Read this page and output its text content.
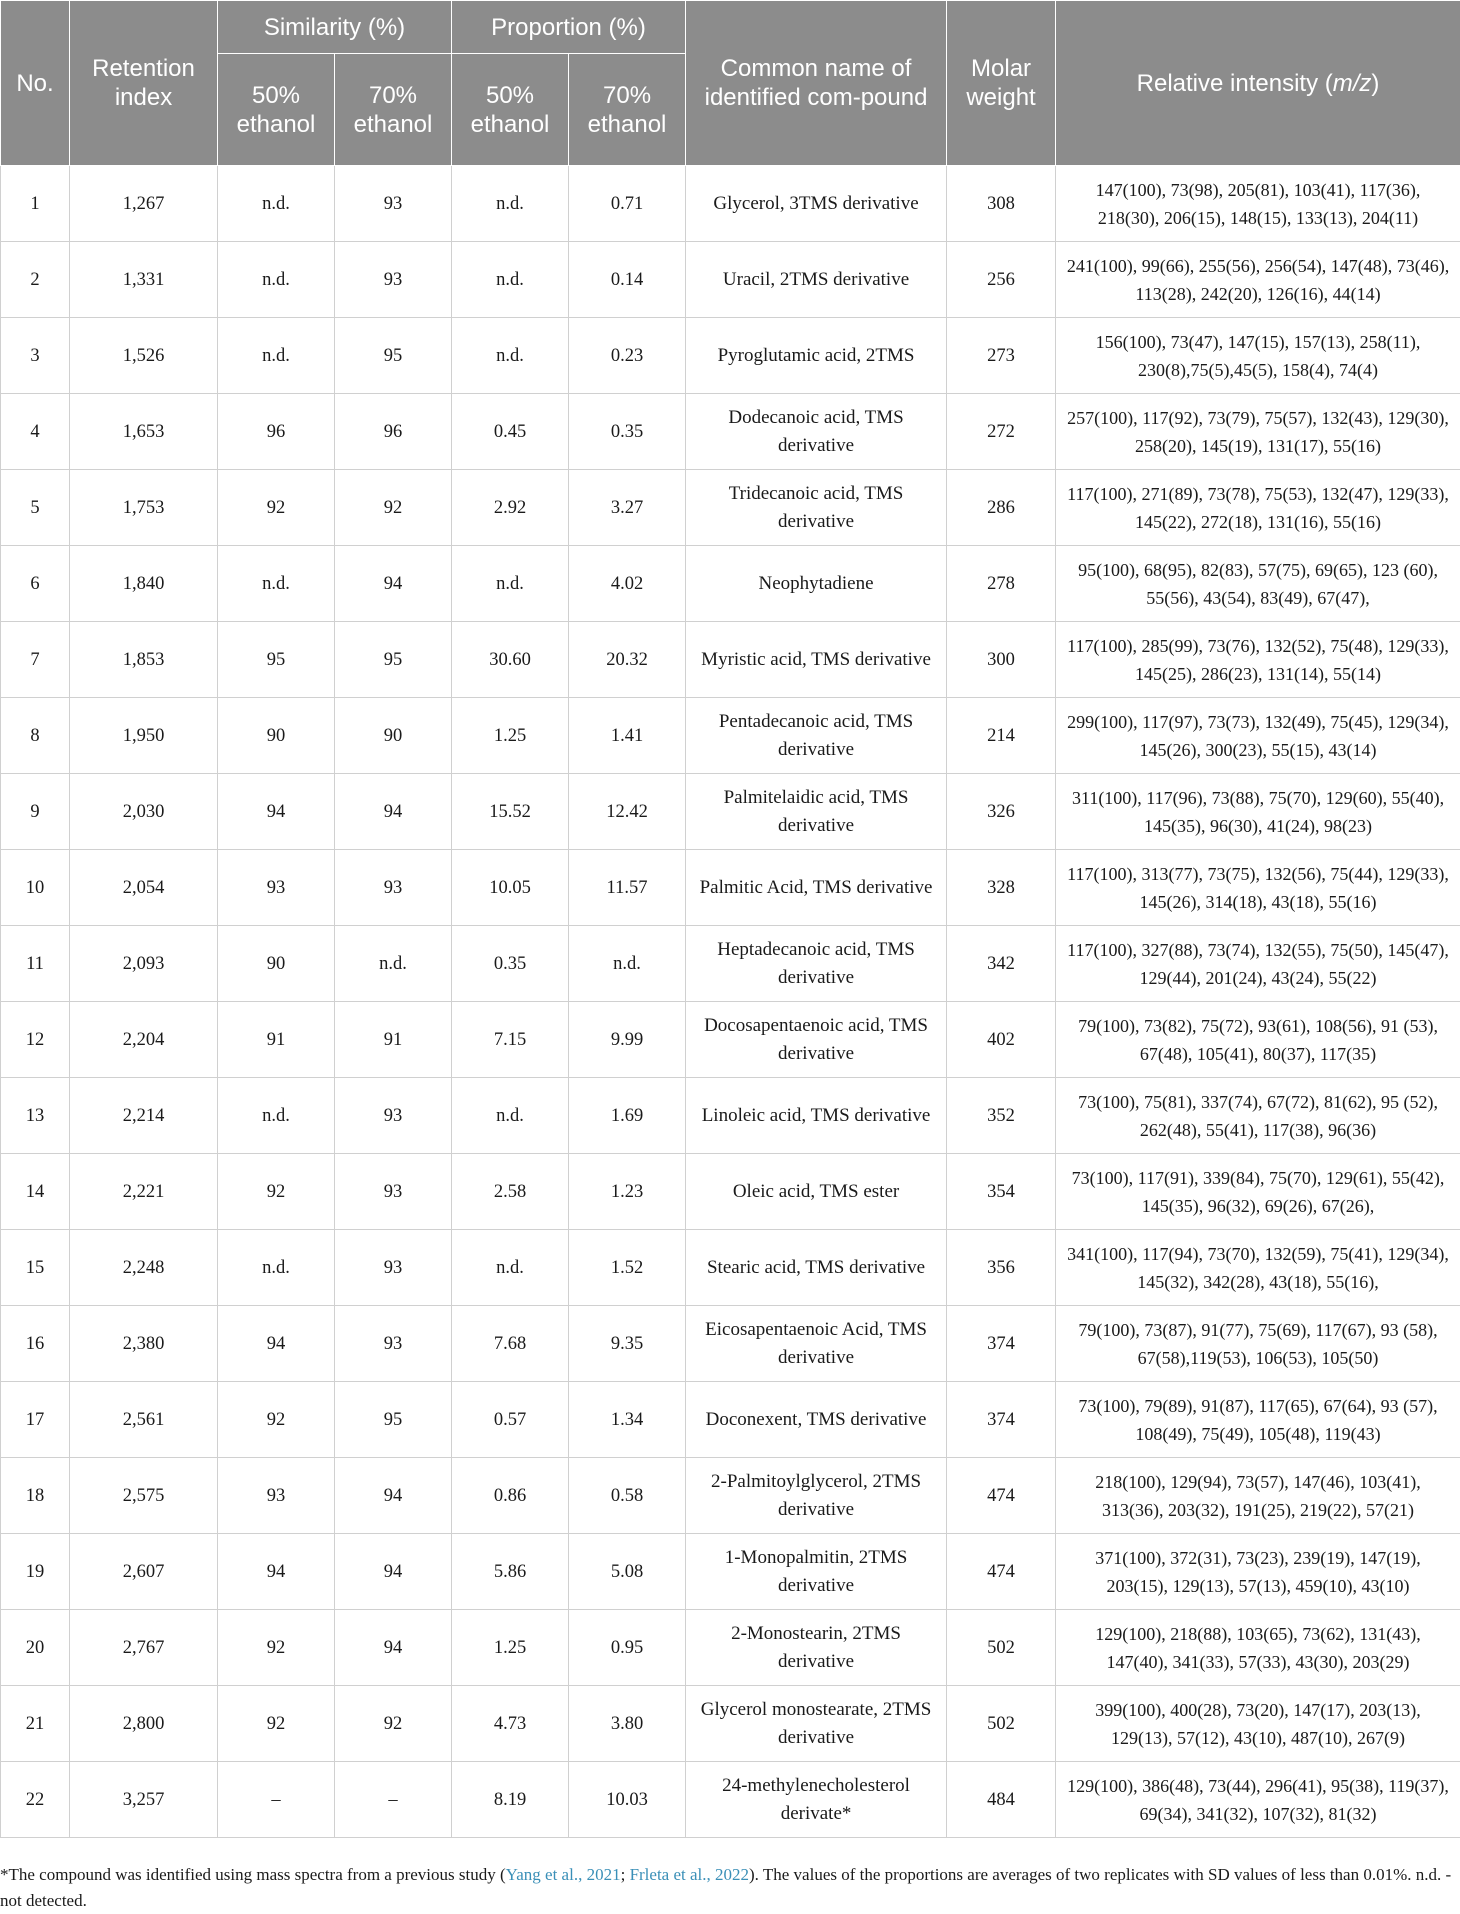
No.	Retention index	Similarity (%)		Proportion (%)		Common name of identified com-pound	Molar weight	Relative intensity (m/z)
		50% ethanol	70% ethanol	50% ethanol	70% ethanol			
1	1,267	n.d.	93	n.d.	0.71	Glycerol, 3TMS derivative	308	147(100), 73(98), 205(81), 103(41), 117(36), 218(30), 206(15), 148(15), 133(13), 204(11)
2	1,331	n.d.	93	n.d.	0.14	Uracil, 2TMS derivative	256	241(100), 99(66), 255(56), 256(54), 147(48), 73(46), 113(28), 242(20), 126(16), 44(14)
3	1,526	n.d.	95	n.d.	0.23	Pyroglutamic acid, 2TMS	273	156(100), 73(47), 147(15), 157(13), 258(11), 230(8),75(5),45(5), 158(4), 74(4)
4	1,653	96	96	0.45	0.35	Dodecanoic acid, TMS derivative	272	257(100), 117(92), 73(79), 75(57), 132(43), 129(30), 258(20), 145(19), 131(17), 55(16)
5	1,753	92	92	2.92	3.27	Tridecanoic acid, TMS derivative	286	117(100), 271(89), 73(78), 75(53), 132(47), 129(33), 145(22), 272(18), 131(16), 55(16)
6	1,840	n.d.	94	n.d.	4.02	Neophytadiene	278	95(100), 68(95), 82(83), 57(75), 69(65), 123 (60), 55(56), 43(54), 83(49), 67(47),
7	1,853	95	95	30.60	20.32	Myristic acid, TMS derivative	300	117(100), 285(99), 73(76), 132(52), 75(48), 129(33), 145(25), 286(23), 131(14), 55(14)
8	1,950	90	90	1.25	1.41	Pentadecanoic acid, TMS derivative	214	299(100), 117(97), 73(73), 132(49), 75(45), 129(34), 145(26), 300(23), 55(15), 43(14)
9	2,030	94	94	15.52	12.42	Palmitelaidic acid, TMS derivative	326	311(100), 117(96), 73(88), 75(70), 129(60), 55(40), 145(35), 96(30), 41(24), 98(23)
10	2,054	93	93	10.05	11.57	Palmitic Acid, TMS derivative	328	117(100), 313(77), 73(75), 132(56), 75(44), 129(33), 145(26), 314(18), 43(18), 55(16)
11	2,093	90	n.d.	0.35	n.d.	Heptadecanoic acid, TMS derivative	342	117(100), 327(88), 73(74), 132(55), 75(50), 145(47), 129(44), 201(24), 43(24), 55(22)
12	2,204	91	91	7.15	9.99	Docosapentaenoic acid, TMS derivative	402	79(100), 73(82), 75(72), 93(61), 108(56), 91 (53), 67(48), 105(41), 80(37), 117(35)
13	2,214	n.d.	93	n.d.	1.69	Linoleic acid, TMS derivative	352	73(100), 75(81), 337(74), 67(72), 81(62), 95 (52), 262(48), 55(41), 117(38), 96(36)
14	2,221	92	93	2.58	1.23	Oleic acid, TMS ester	354	73(100), 117(91), 339(84), 75(70), 129(61), 55(42), 145(35), 96(32), 69(26), 67(26),
15	2,248	n.d.	93	n.d.	1.52	Stearic acid, TMS derivative	356	341(100), 117(94), 73(70), 132(59), 75(41), 129(34), 145(32), 342(28), 43(18), 55(16),
16	2,380	94	93	7.68	9.35	Eicosapentaenoic Acid, TMS derivative	374	79(100), 73(87), 91(77), 75(69), 117(67), 93 (58), 67(58),119(53), 106(53), 105(50)
17	2,561	92	95	0.57	1.34	Doconexent, TMS derivative	374	73(100), 79(89), 91(87), 117(65), 67(64), 93 (57), 108(49), 75(49), 105(48), 119(43)
18	2,575	93	94	0.86	0.58	2-Palmitoylglycerol, 2TMS derivative	474	218(100), 129(94), 73(57), 147(46), 103(41), 313(36), 203(32), 191(25), 219(22), 57(21)
19	2,607	94	94	5.86	5.08	1-Monopalmitin, 2TMS derivative	474	371(100), 372(31), 73(23), 239(19), 147(19), 203(15), 129(13), 57(13), 459(10), 43(10)
20	2,767	92	94	1.25	0.95	2-Monostearin, 2TMS derivative	502	129(100), 218(88), 103(65), 73(62), 131(43), 147(40), 341(33), 57(33), 43(30), 203(29)
21	2,800	92	92	4.73	3.80	Glycerol monostearate, 2TMS derivative	502	399(100), 400(28), 73(20), 147(17), 203(13), 129(13), 57(12), 43(10), 487(10), 267(9)
22	3,257	–	–	8.19	10.03	24-methylenecholesterol derivate*	484	129(100), 386(48), 73(44), 296(41), 95(38), 119(37), 69(34), 341(32), 107(32), 81(32)
*The compound was identified using mass spectra from a previous study (Yang et al., 2021; Frleta et al., 2022). The values of the proportions are averages of two replicates with SD values of less than 0.01%. n.d. - not detected.
